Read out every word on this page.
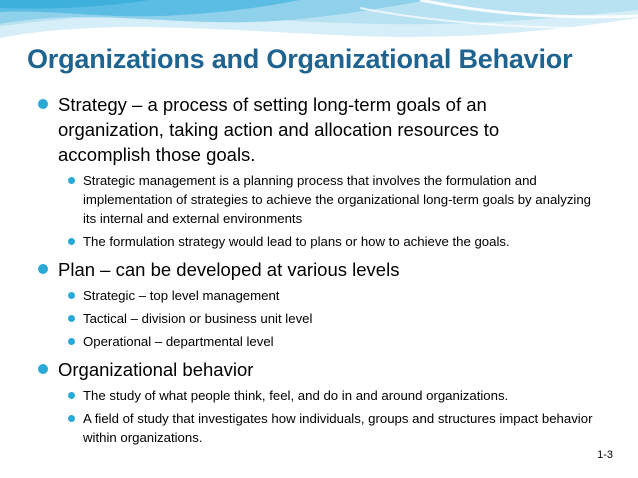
Organizations and Organizational Behavior
Strategy – a process of setting long-term goals of an organization, taking action and allocation resources to accomplish those goals.
Strategic management is a planning process that involves the formulation and implementation of strategies to achieve the organizational long-term goals by analyzing its internal and external environments
The formulation strategy would lead to plans or how to achieve the goals.
Plan – can be developed at various levels
Strategic – top level management
Tactical – division or business unit level
Operational – departmental level
Organizational behavior
The study of what people think, feel, and do in and around organizations.
A field of study that investigates how individuals, groups and structures impact behavior within organizations.
1-3
